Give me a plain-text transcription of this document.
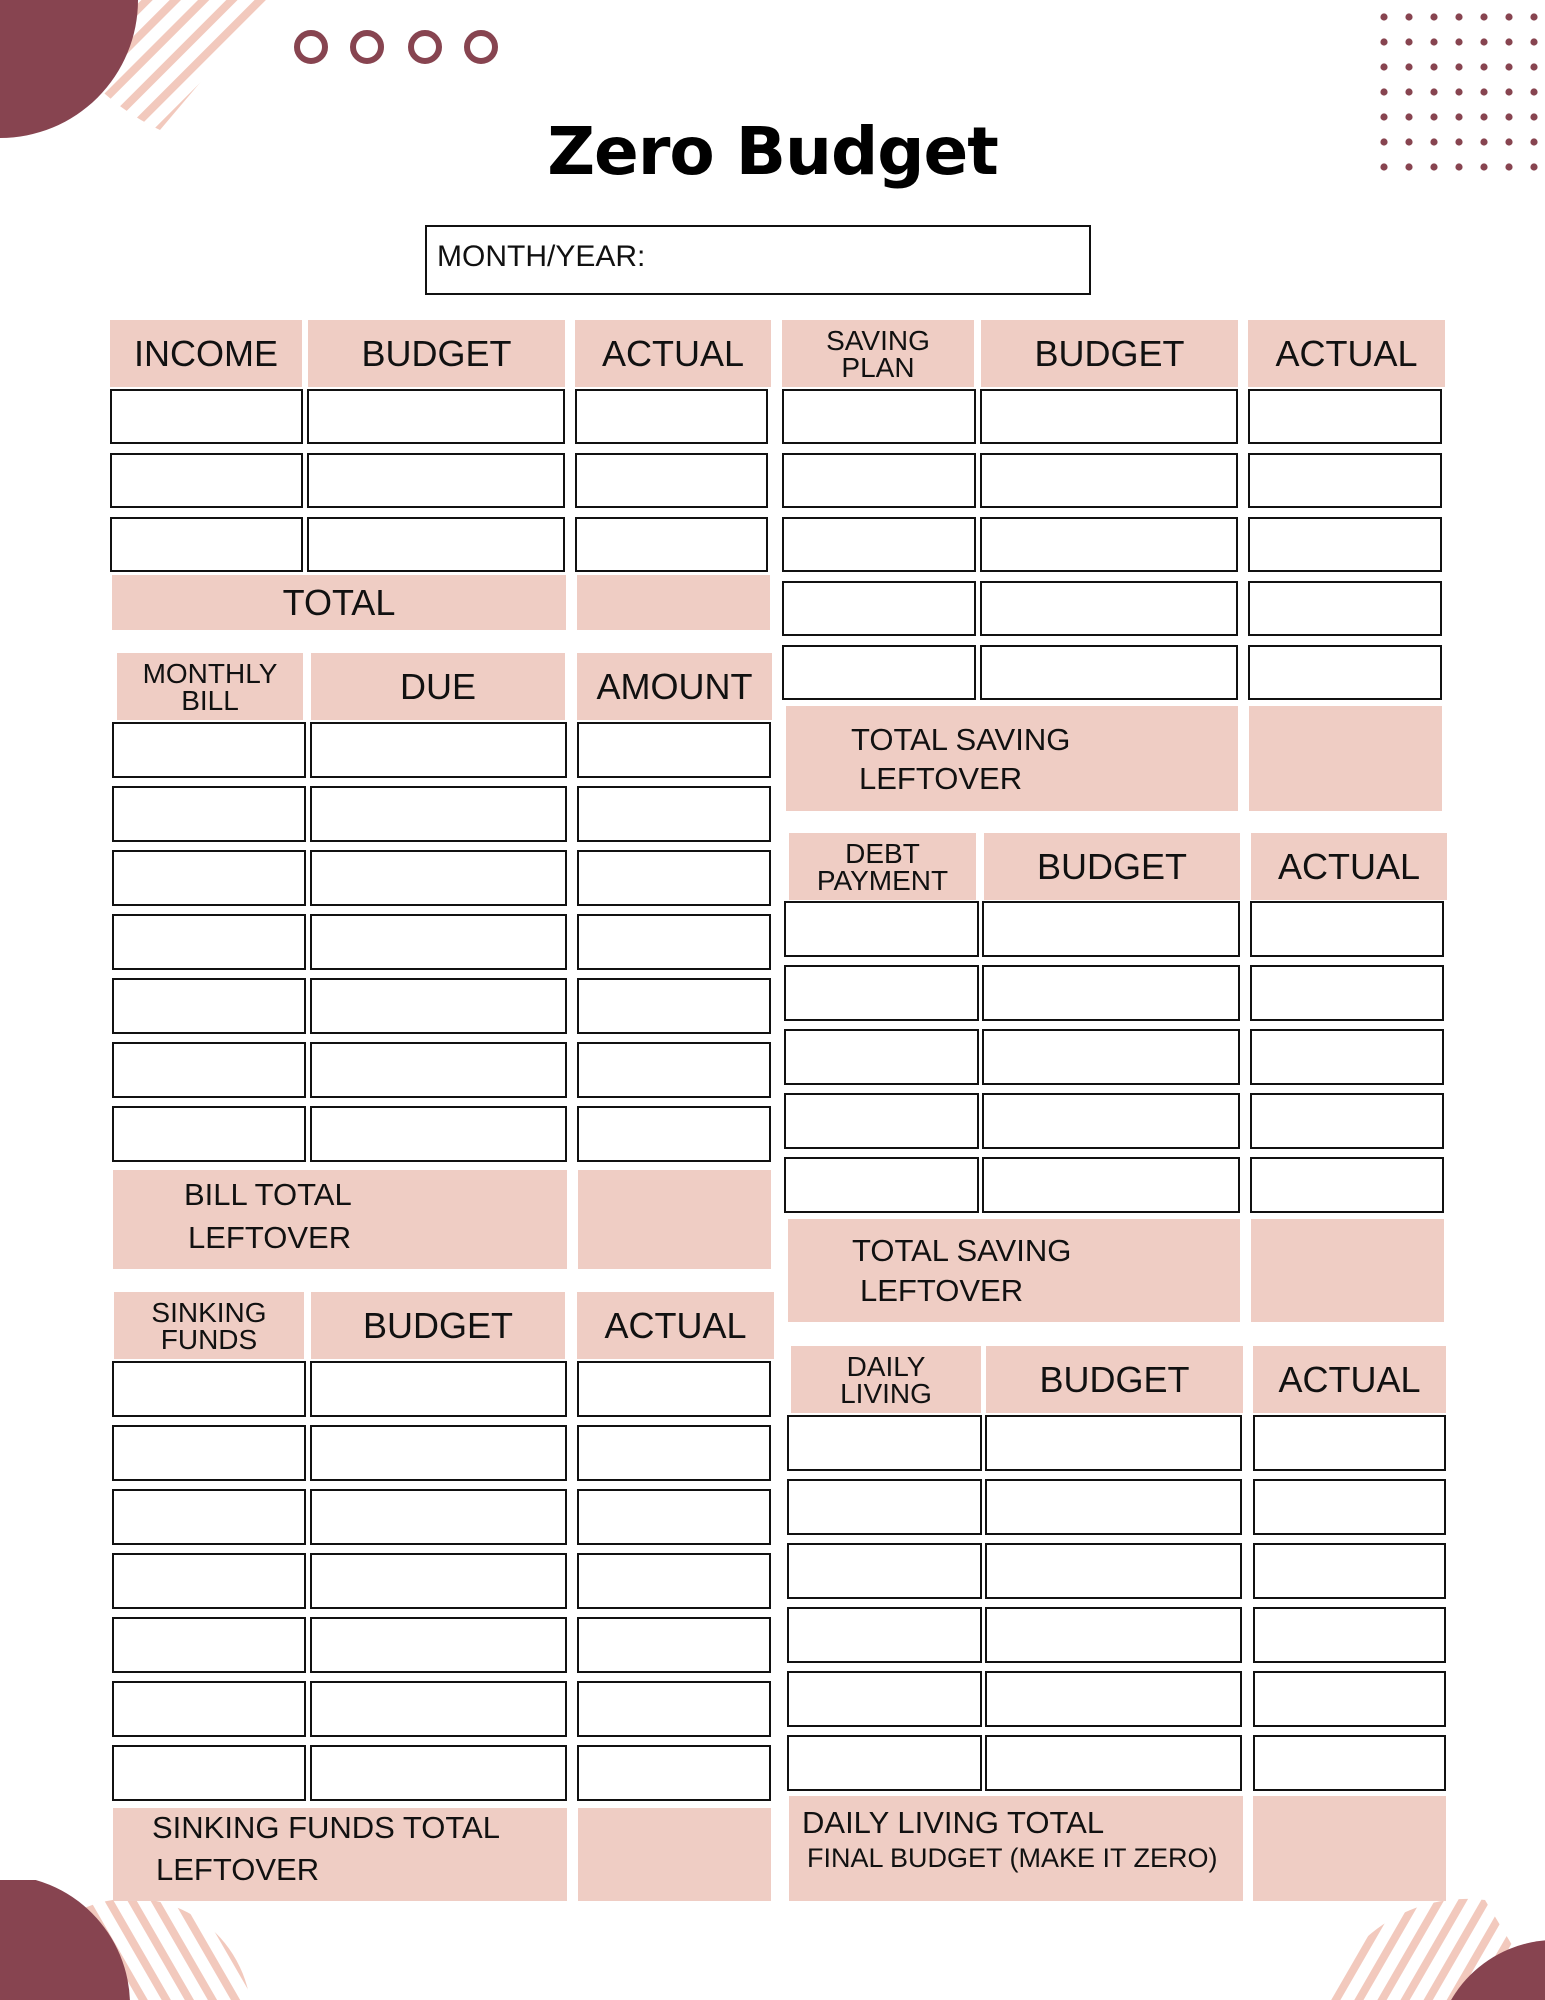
Zero Budget
MONTH/YEAR:
INCOME	BUDGET	ACTUAL
TOTAL
SAVING PLAN	BUDGET	ACTUAL
TOTAL SAVING
LEFTOVER
MONTHLY BILL	DUE	AMOUNT
BILL TOTAL
LEFTOVER
DEBT PAYMENT	BUDGET	ACTUAL
TOTAL SAVING
LEFTOVER
SINKING FUNDS	BUDGET	ACTUAL
SINKING FUNDS TOTAL
LEFTOVER
DAILY LIVING	BUDGET	ACTUAL
DAILY LIVING TOTAL
FINAL BUDGET (MAKE IT ZERO)
